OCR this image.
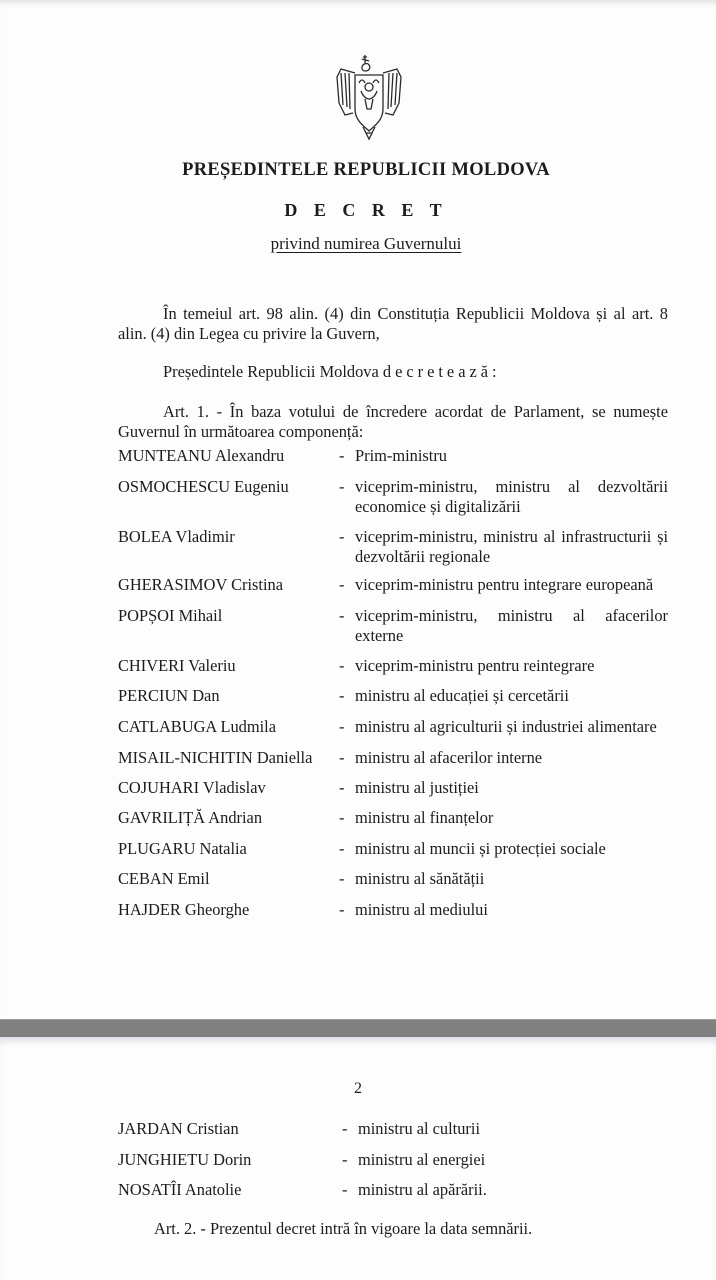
PREȘEDINTELE REPUBLICII MOLDOVA
D E C R E T
privind numirea Guvernului
În temeiul art. 98 alin. (4) din Constituția Republicii Moldova și al art. 8 alin. (4) din Legea cu privire la Guvern,
Președintele Republicii Moldova decretează:
Art. 1. - În baza votului de încredere acordat de Parlament, se numește Guvernul în următoarea componență:
MUNTEANU Alexandru	- Prim-ministru
OSMOCHESCU Eugeniu	- viceprim-ministru, ministru al dezvoltării economice și digitalizării
BOLEA Vladimir	- viceprim-ministru, ministru al infrastructurii și dezvoltării regionale
GHERASIMOV Cristina	- viceprim-ministru pentru integrare europeană
POPȘOI Mihail	- viceprim-ministru, ministru al afacerilor externe
CHIVERI Valeriu	- viceprim-ministru pentru reintegrare
PERCIUN Dan	- ministru al educației și cercetării
CATLABUGA Ludmila	- ministru al agriculturii și industriei alimentare
MISAIL-NICHITIN Daniella - ministru al afacerilor interne
COJUHARI Vladislav	- ministru al justiției
GAVRILIȚĂ Andrian	- ministru al finanțelor
PLUGARU Natalia	- ministru al muncii și protecției sociale
CEBAN Emil	- ministru al sănătății
HAJDER Gheorghe	- ministru al mediului
2
JARDAN Cristian	- ministru al culturii
JUNGHIETU Dorin	- ministru al energiei
NOSATÎI Anatolie	- ministru al apărării.
Art. 2. - Prezentul decret intră în vigoare la data semnării.
